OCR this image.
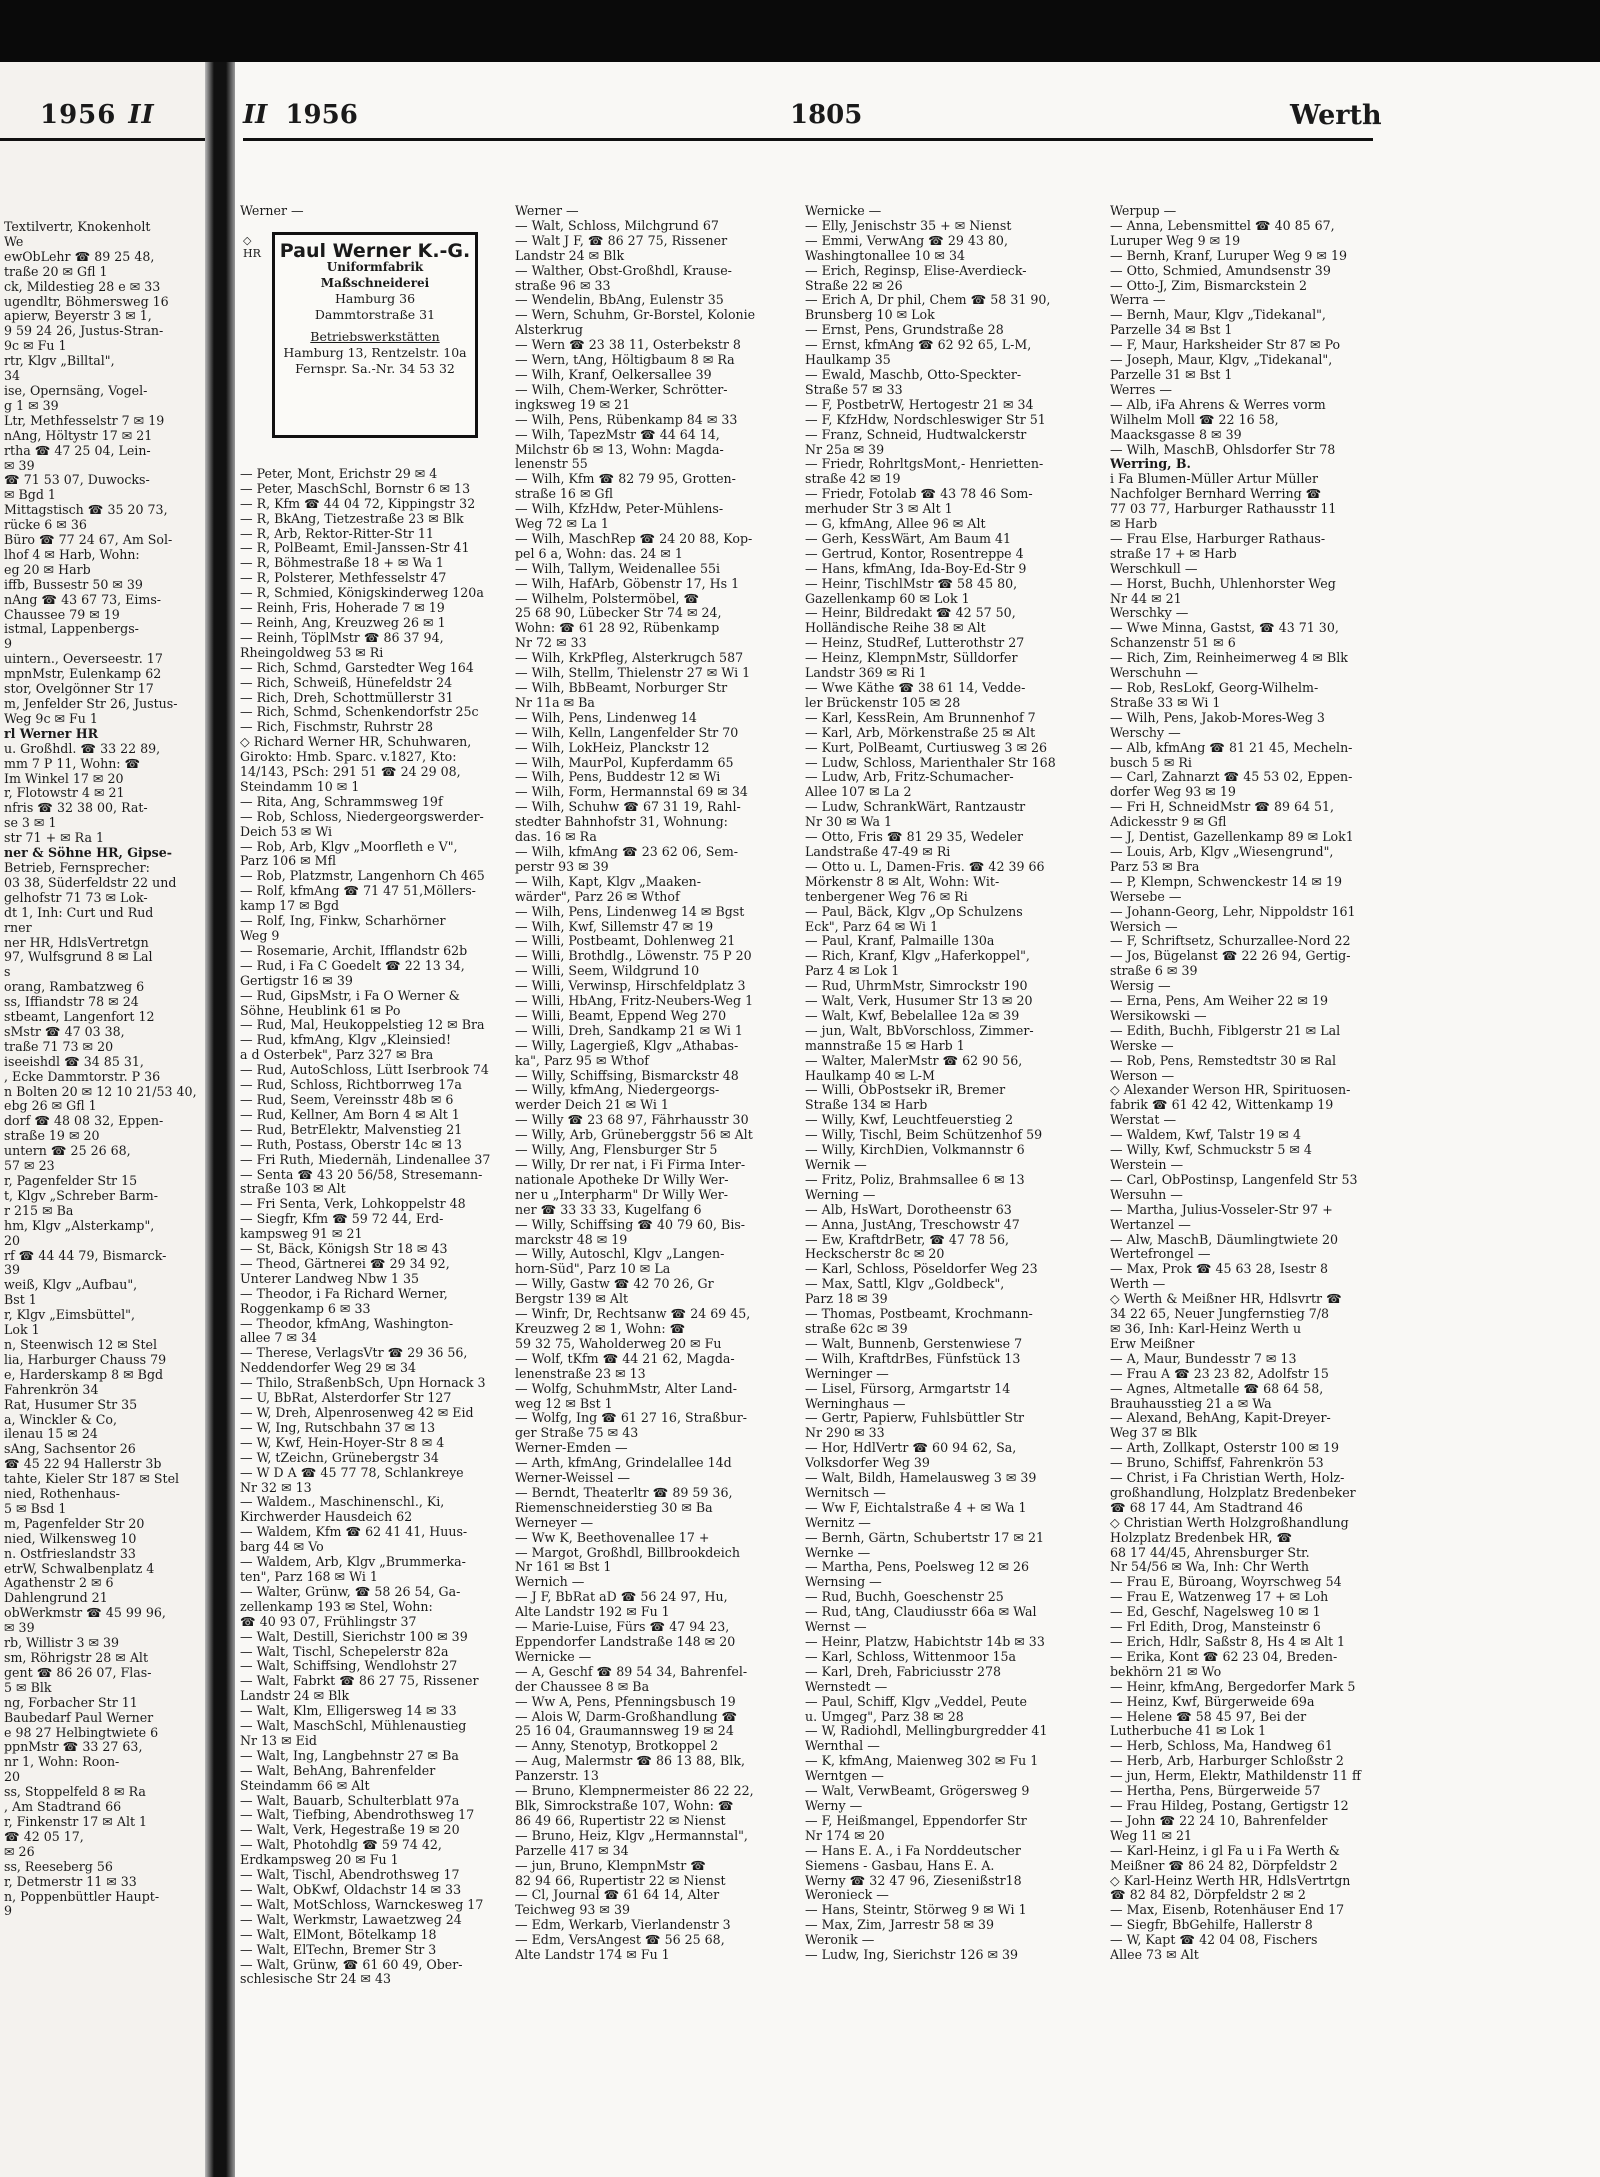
1956 II	II 1956	1805	Werth
Textilvertr, Knokenholt
We
ewObLehr ☎ 89 25 48,
traße 20 ✉ Gfl 1
ck, Mildestieg 28 e ✉ 33
ugendltr, Böhmersweg 16
apierw, Beyerstr 3 ✉ 1,
9 59 24 26, Justus-Stran-
9c ✉ Fu 1
rtr, Klgv „Billtal",
34
ise, Opernsäng, Vogel-
g 1 ✉ 39
Ltr, Methfesselstr 7 ✉ 19
nAng, Höltystr 17 ✉ 21
rtha ☎ 47 25 04, Lein-
✉ 39
☎ 71 53 07, Duwocks-
✉ Bgd 1
Mittagstisch ☎ 35 20 73,
rücke 6 ✉ 36
Büro ☎ 77 24 67, Am Sol-
lhof 4 ✉ Harb, Wohn:
eg 20 ✉ Harb
iffb, Bussestr 50 ✉ 39
nAng ☎ 43 67 73, Eims-
Chaussee 79 ✉ 19
istmal, Lappenbergs-
9
uintern., Oeverseestr. 17
mpnMstr, Eulenkamp 62
stor, Ovelgönner Str 17
m, Jenfelder Str 26, Justus-
Weg 9c ✉ Fu 1
rl Werner HR
u. Großhdl. ☎ 33 22 89,
mm 7 P 11, Wohn: ☎
Im Winkel 17 ✉ 20
r, Flotowstr 4 ✉ 21
nfris ☎ 32 38 00, Rat-
se 3 ✉ 1
str 71 + ✉ Ra 1
ner & Söhne HR, Gipse-
Betrieb, Fernsprecher:
03 38, Süderfeldstr 22 und
gelhofstr 71 73 ✉ Lok-
dt 1, Inh: Curt und Rud
rner
ner HR, HdlsVertretgn
97, Wulfsgrund 8 ✉ Lal
s
orang, Rambatzweg 6
ss, Iffiandstr 78 ✉ 24
stbeamt, Langenfort 12
sMstr ☎ 47 03 38,
traße 71 73 ✉ 20
iseeishdl ☎ 34 85 31,
, Ecke Dammtorstr. P 36
n Bolten 20 ✉ 12 10 21/53 40,
ebg 26 ✉ Gfl 1
dorf ☎ 48 08 32, Eppen-
straße 19 ✉ 20
untern ☎ 25 26 68,
57 ✉ 23
r, Pagenfelder Str 15
t, Klgv „Schreber Barm-
r 215 ✉ Ba
hm, Klgv „Alsterkamp",
20
rf ☎ 44 44 79, Bismarck-
39
weiß, Klgv „Aufbau",
Bst 1
r, Klgv „Eimsbüttel",
Lok 1
n, Steenwisch 12 ✉ Stel
lia, Harburger Chauss 79
e, Harderskamp 8 ✉ Bgd
Fahrenkrön 34
Rat, Husumer Str 35
a, Winckler & Co,
ilenau 15 ✉ 24
sAng, Sachsentor 26
☎ 45 22 94 Hallerstr 3b
tahte, Kieler Str 187 ✉ Stel
nied, Rothenhaus-
5 ✉ Bsd 1
m, Pagenfelder Str 20
nied, Wilkensweg 10
n. Ostfrieslandstr 33
etrW, Schwalbenplatz 4
Agathenstr 2 ✉ 6
Dahlengrund 21
obWerkmstr ☎ 45 99 96,
✉ 39
rb, Willistr 3 ✉ 39
sm, Röhrigstr 28 ✉ Alt
gent ☎ 86 26 07, Flas-
5 ✉ Blk
ng, Forbacher Str 11
Baubedarf Paul Werner
e 98 27 Helbingtwiete 6
ppnMstr ☎ 33 27 63,
nr 1, Wohn: Roon-
20
ss, Stoppelfeld 8 ✉ Ra
, Am Stadtrand 66
r, Finkenstr 17 ✉ Alt 1
☎ 42 05 17,
✉ 26
ss, Reeseberg 56
r, Detmerstr 11 ✉ 33
n, Poppenbüttler Haupt-
9
Werner —
— Peter, Mont, Erichstr 29 ✉ 4
— Peter, MaschSchl, Bornstr 6 ✉ 13
— R, Kfm ☎ 44 04 72, Kippingstr 32
— R, BkAng, Tietzestraße 23 ✉ Blk
— R, Arb, Rektor-Ritter-Str 11
— R, PolBeamt, Emil-Janssen-Str 41
— R, Böhmestraße 18 + ✉ Wa 1
— R, Polsterer, Methfesselstr 47
— R, Schmied, Königskinderweg 120a
— Reinh, Fris, Hoherade 7 ✉ 19
— Reinh, Ang, Kreuzweg 26 ✉ 1
— Reinh, TöplMstr ☎ 86 37 94,
Rheingoldweg 53 ✉ Ri
— Rich, Schmd, Garstedter Weg 164
— Rich, Schweiß, Hünefeldstr 24
— Rich, Dreh, Schottmüllerstr 31
— Rich, Schmd, Schenkendorfstr 25c
— Rich, Fischmstr, Ruhrstr 28
◇ Richard Werner HR, Schuhwaren,
Girokto: Hmb. Sparc. v.1827, Kto:
14/143, PSch: 291 51 ☎ 24 29 08,
Steindamm 10 ✉ 1
— Rita, Ang, Schrammsweg 19f
— Rob, Schloss, Niedergeorgswerder-
Deich 53 ✉ Wi
— Rob, Arb, Klgv „Moorfleth e V",
Parz 106 ✉ Mfl
— Rob, Platzmstr, Langenhorn Ch 465
— Rolf, kfmAng ☎ 71 47 51,Möllers-
kamp 17 ✉ Bgd
— Rolf, Ing, Finkw, Scharhörner
Weg 9
— Rosemarie, Archit, Ifflandstr 62b
— Rud, i Fa C Goedelt ☎ 22 13 34,
Gertigstr 16 ✉ 39
— Rud, GipsMstr, i Fa O Werner &
Söhne, Heublink 61 ✉ Po
— Rud, Mal, Heukoppelstieg 12 ✉ Bra
— Rud, kfmAng, Klgv „Kleinsied!
a d Osterbek", Parz 327 ✉ Bra
— Rud, AutoSchloss, Lütt Iserbrook 74
— Rud, Schloss, Richtborrweg 17a
— Rud, Seem, Vereinsstr 48b ✉ 6
— Rud, Kellner, Am Born 4 ✉ Alt 1
— Rud, BetrElektr, Malvenstieg 21
— Ruth, Postass, Oberstr 14c ✉ 13
— Fri Ruth, Miedernäh, Lindenallee 37
— Senta ☎ 43 20 56/58, Stresemann-
straße 103 ✉ Alt
— Fri Senta, Verk, Lohkoppelstr 48
— Siegfr, Kfm ☎ 59 72 44, Erd-
kampsweg 91 ✉ 21
— St, Bäck, Königsh Str 18 ✉ 43
— Theod, Gärtnerei ☎ 29 34 92,
Unterer Landweg Nbw 1 35
— Theodor, i Fa Richard Werner,
Roggenkamp 6 ✉ 33
— Theodor, kfmAng, Washington-
allee 7 ✉ 34
— Therese, VerlagsVtr ☎ 29 36 56,
Neddendorfer Weg 29 ✉ 34
— Thilo, StraßenbSch, Upn Hornack 3
— U, BbRat, Alsterdorfer Str 127
— W, Dreh, Alpenrosenweg 42 ✉ Eid
— W, Ing, Rutschbahn 37 ✉ 13
— W, Kwf, Hein-Hoyer-Str 8 ✉ 4
— W, tZeichn, Grünebergstr 34
— W D A ☎ 45 77 78, Schlankreye
Nr 32 ✉ 13
— Waldem., Maschinenschl., Ki,
Kirchwerder Hausdeich 62
— Waldem, Kfm ☎ 62 41 41, Huus-
barg 44 ✉ Vo
— Waldem, Arb, Klgv „Brummerka-
ten", Parz 168 ✉ Wi 1
— Walter, Grünw, ☎ 58 26 54, Ga-
zellenkamp 193 ✉ Stel, Wohn:
☎ 40 93 07, Frühlingstr 37
— Walt, Destill, Sierichstr 100 ✉ 39
— Walt, Tischl, Schepelerstr 82a
— Walt, Schiffsing, Wendlohstr 27
— Walt, Fabrkt ☎ 86 27 75, Rissener
Landstr 24 ✉ Blk
— Walt, Klm, Elligersweg 14 ✉ 33
— Walt, MaschSchl, Mühlenaustieg
Nr 13 ✉ Eid
— Walt, Ing, Langbehnstr 27 ✉ Ba
— Walt, BehAng, Bahrenfelder
Steindamm 66 ✉ Alt
— Walt, Bauarb, Schulterblatt 97a
— Walt, Tiefbing, Abendrothsweg 17
— Walt, Verk, Hegestraße 19 ✉ 20
— Walt, Photohdlg ☎ 59 74 42,
Erdkampsweg 20 ✉ Fu 1
— Walt, Tischl, Abendrothsweg 17
— Walt, ObKwf, Oldachstr 14 ✉ 33
— Walt, MotSchloss, Warnckesweg 17
— Walt, Werkmstr, Lawaetzweg 24
— Walt, ElMont, Bötelkamp 18
— Walt, ElTechn, Bremer Str 3
— Walt, Grünw, ☎ 61 60 49, Ober-
schlesische Str 24 ✉ 43
Werner —
— Walt, Schloss, Milchgrund 67
— Walt J F, ☎ 86 27 75, Rissener
Landstr 24 ✉ Blk
— Walther, Obst-Großhdl, Krause-
straße 96 ✉ 33
— Wendelin, BbAng, Eulenstr 35
— Wern, Schuhm, Gr-Borstel, Kolonie
Alsterkrug
— Wern ☎ 23 38 11, Osterbekstr 8
— Wern, tAng, Höltigbaum 8 ✉ Ra
— Wilh, Kranf, Oelkersallee 39
— Wilh, Chem-Werker, Schrötter-
ingksweg 19 ✉ 21
— Wilh, Pens, Rübenkamp 84 ✉ 33
— Wilh, TapezMstr ☎ 44 64 14,
Milchstr 6b ✉ 13, Wohn: Magda-
lenenstr 55
— Wilh, Kfm ☎ 82 79 95, Grotten-
straße 16 ✉ Gfl
— Wilh, KfzHdw, Peter-Mühlens-
Weg 72 ✉ La 1
— Wilh, MaschRep ☎ 24 20 88, Kop-
pel 6 a, Wohn: das. 24 ✉ 1
— Wilh, Tallym, Weidenallee 55i
— Wilh, HafArb, Göbenstr 17, Hs 1
— Wilhelm, Polstermöbel, ☎
25 68 90, Lübecker Str 74 ✉ 24,
Wohn: ☎ 61 28 92, Rübenkamp
Nr 72 ✉ 33
— Wilh, KrkPfleg, Alsterkrugch 587
— Wilh, Stellm, Thielenstr 27 ✉ Wi 1
— Wilh, BbBeamt, Norburger Str
Nr 11a ✉ Ba
— Wilh, Pens, Lindenweg 14
— Wilh, Kelln, Langenfelder Str 70
— Wilh, LokHeiz, Planckstr 12
— Wilh, MaurPol, Kupferdamm 65
— Wilh, Pens, Buddestr 12 ✉ Wi
— Wilh, Form, Hermannstal 69 ✉ 34
— Wilh, Schuhw ☎ 67 31 19, Rahl-
stedter Bahnhofstr 31, Wohnung:
das. 16 ✉ Ra
— Wilh, kfmAng ☎ 23 62 06, Sem-
perstr 93 ✉ 39
— Wilh, Kapt, Klgv „Maaken-
wärder", Parz 26 ✉ Wthof
— Wilh, Pens, Lindenweg 14 ✉ Bgst
— Wilh, Kwf, Sillemstr 47 ✉ 19
— Willi, Postbeamt, Dohlenweg 21
— Willi, Brothdlg., Löwenstr. 75 P 20
— Willi, Seem, Wildgrund 10
— Willi, Verwinsp, Hirschfeldplatz 3
— Willi, HbAng, Fritz-Neubers-Weg 1
— Willi, Beamt, Eppend Weg 270
— Willi, Dreh, Sandkamp 21 ✉ Wi 1
— Willy, Lagergieß, Klgv „Athabas-
ka", Parz 95 ✉ Wthof
— Willy, Schiffsing, Bismarckstr 48
— Willy, kfmAng, Niedergeorgs-
werder Deich 21 ✉ Wi 1
— Willy ☎ 23 68 97, Fährhausstr 30
— Willy, Arb, Grüneberggstr 56 ✉ Alt
— Willy, Ang, Flensburger Str 5
— Willy, Dr rer nat, i Fi Firma Inter-
nationale Apotheke Dr Willy Wer-
ner u „Interpharm" Dr Willy Wer-
ner ☎ 33 33 33, Kugelfang 6
— Willy, Schiffsing ☎ 40 79 60, Bis-
marckstr 48 ✉ 19
— Willy, Autoschl, Klgv „Langen-
horn-Süd", Parz 10 ✉ La
— Willy, Gastw ☎ 42 70 26, Gr
Bergstr 139 ✉ Alt
— Winfr, Dr, Rechtsanw ☎ 24 69 45,
Kreuzweg 2 ✉ 1, Wohn: ☎
59 32 75, Waholderweg 20 ✉ Fu
— Wolf, tKfm ☎ 44 21 62, Magda-
lenenstraße 23 ✉ 13
— Wolfg, SchuhmMstr, Alter Land-
weg 12 ✉ Bst 1
— Wolfg, Ing ☎ 61 27 16, Straßbur-
ger Straße 75 ✉ 43
Werner-Emden —
— Arth, kfmAng, Grindelallee 14d
Werner-Weissel —
— Berndt, Theaterltr ☎ 89 59 36,
Riemenschneiderstieg 30 ✉ Ba
Werneyer —
— Ww K, Beethovenallee 17 +
— Margot, Großhdl, Billbrookdeich
Nr 161 ✉ Bst 1
Wernich —
— J F, BbRat aD ☎ 56 24 97, Hu,
Alte Landstr 192 ✉ Fu 1
— Marie-Luise, Fürs ☎ 47 94 23,
Eppendorfer Landstraße 148 ✉ 20
Wernicke —
— A, Geschf ☎ 89 54 34, Bahrenfel-
der Chaussee 8 ✉ Ba
— Ww A, Pens, Pfenningsbusch 19
— Alois W, Darm-Großhandlung ☎
25 16 04, Graumannsweg 19 ✉ 24
— Anny, Stenotyp, Brotkoppel 2
— Aug, Malermstr ☎ 86 13 88, Blk,
Panzerstr. 13
— Bruno, Klempnermeister 86 22 22,
Blk, Simrockstraße 107, Wohn: ☎
86 49 66, Rupertistr 22 ✉ Nienst
— Bruno, Heiz, Klgv „Hermannstal",
Parzelle 417 ✉ 34
— jun, Bruno, KlempnMstr ☎
82 94 66, Rupertistr 22 ✉ Nienst
— Cl, Journal ☎ 61 64 14, Alter
Teichweg 93 ✉ 39
— Edm, Werkarb, Vierlandenstr 3
— Edm, VersAngest ☎ 56 25 68,
Alte Landstr 174 ✉ Fu 1
Wernicke —
— Elly, Jenischstr 35 + ✉ Nienst
— Emmi, VerwAng ☎ 29 43 80,
Washingtonallee 10 ✉ 34
— Erich, Reginsp, Elise-Averdieck-
Straße 22 ✉ 26
— Erich A, Dr phil, Chem ☎ 58 31 90,
Brunsberg 10 ✉ Lok
— Ernst, Pens, Grundstraße 28
— Ernst, kfmAng ☎ 62 92 65, L-M,
Haulkamp 35
— Ewald, Maschb, Otto-Speckter-
Straße 57 ✉ 33
— F, PostbetrW, Hertogestr 21 ✉ 34
— F, KfzHdw, Nordschleswiger Str 51
— Franz, Schneid, Hudtwalckerstr
Nr 25a ✉ 39
— Friedr, RohrltgsMont,- Henrietten-
straße 42 ✉ 19
— Friedr, Fotolab ☎ 43 78 46 Som-
merhuder Str 3 ✉ Alt 1
— G, kfmAng, Allee 96 ✉ Alt
— Gerh, KessWärt, Am Baum 41
— Gertrud, Kontor, Rosentreppe 4
— Hans, kfmAng, Ida-Boy-Ed-Str 9
— Heinr, TischlMstr ☎ 58 45 80,
Gazellenkamp 60 ✉ Lok 1
— Heinr, Bildredakt ☎ 42 57 50,
Holländische Reihe 38 ✉ Alt
— Heinz, StudRef, Lutterothstr 27
— Heinz, KlempnMstr, Sülldorfer
Landstr 369 ✉ Ri 1
— Wwe Käthe ☎ 38 61 14, Vedde-
ler Brückenstr 105 ✉ 28
— Karl, KessRein, Am Brunnenhof 7
— Karl, Arb, Mörkenstraße 25 ✉ Alt
— Kurt, PolBeamt, Curtiusweg 3 ✉ 26
— Ludw, Schloss, Marienthaler Str 168
— Ludw, Arb, Fritz-Schumacher-
Allee 107 ✉ La 2
— Ludw, SchrankWärt, Rantzaustr
Nr 30 ✉ Wa 1
— Otto, Fris ☎ 81 29 35, Wedeler
Landstraße 47-49 ✉ Ri
— Otto u. L, Damen-Fris. ☎ 42 39 66
Mörkenstr 8 ✉ Alt, Wohn: Wit-
tenbergener Weg 76 ✉ Ri
— Paul, Bäck, Klgv „Op Schulzens
Eck", Parz 64 ✉ Wi 1
— Paul, Kranf, Palmaille 130a
— Rich, Kranf, Klgv „Haferkoppel",
Parz 4 ✉ Lok 1
— Rud, UhrmMstr, Simrockstr 190
— Walt, Verk, Husumer Str 13 ✉ 20
— Walt, Kwf, Bebelallee 12a ✉ 39
— jun, Walt, BbVorschloss, Zimmer-
mannstraße 15 ✉ Harb 1
— Walter, MalerMstr ☎ 62 90 56,
Haulkamp 40 ✉ L-M
— Willi, ObPostsekr iR, Bremer
Straße 134 ✉ Harb
— Willy, Kwf, Leuchtfeuerstieg 2
— Willy, Tischl, Beim Schützenhof 59
— Willy, KirchDien, Volkmannstr 6
Wernik —
— Fritz, Poliz, Brahmsallee 6 ✉ 13
Werning —
— Alb, HsWart, Dorotheenstr 63
— Anna, JustAng, Treschowstr 47
— Ew, KraftdrBetr, ☎ 47 78 56,
Heckscherstr 8c ✉ 20
— Karl, Schloss, Pöseldorfer Weg 23
— Max, Sattl, Klgv „Goldbeck",
Parz 18 ✉ 39
— Thomas, Postbeamt, Krochmann-
straße 62c ✉ 39
— Walt, Bunnenb, Gerstenwiese 7
— Wilh, KraftdrBes, Fünfstück 13
Werninger —
— Lisel, Fürsorg, Armgartstr 14
Werninghaus —
— Gertr, Papierw, Fuhlsbüttler Str
Nr 290 ✉ 33
— Hor, HdlVertr ☎ 60 94 62, Sa,
Volksdorfer Weg 39
— Walt, Bildh, Hamelausweg 3 ✉ 39
Wernitsch —
— Ww F, Eichtalstraße 4 + ✉ Wa 1
Wernitz —
— Bernh, Gärtn, Schubertstr 17 ✉ 21
Wernke —
— Martha, Pens, Poelsweg 12 ✉ 26
Wernsing —
— Rud, Buchh, Goeschenstr 25
— Rud, tAng, Claudiusstr 66a ✉ Wal
Wernst —
— Heinr, Platzw, Habichtstr 14b ✉ 33
— Karl, Schloss, Wittenmoor 15a
— Karl, Dreh, Fabriciusstr 278
Wernstedt —
— Paul, Schiff, Klgv „Veddel, Peute
u. Umgeg", Parz 38 ✉ 28
— W, Radiohdl, Mellingburgredder 41
Wernthal —
— K, kfmAng, Maienweg 302 ✉ Fu 1
Werntgen —
— Walt, VerwBeamt, Grögersweg 9
Werny —
— F, Heißmangel, Eppendorfer Str
Nr 174 ✉ 20
— Hans E. A., i Fa Norddeutscher
Siemens - Gasbau, Hans E. A.
Werny ☎ 32 47 96, Ziesenißstr18
Weronieck —
— Hans, Steintr, Störweg 9 ✉ Wi 1
— Max, Zim, Jarrestr 58 ✉ 39
Weronik —
— Ludw, Ing, Sierichstr 126 ✉ 39
Werpup —
— Anna, Lebensmittel ☎ 40 85 67,
Luruper Weg 9 ✉ 19
— Bernh, Kranf, Luruper Weg 9 ✉ 19
— Otto, Schmied, Amundsenstr 39
— Otto-J, Zim, Bismarckstein 2
Werra —
— Bernh, Maur, Klgv „Tidekanal",
Parzelle 34 ✉ Bst 1
— F, Maur, Harksheider Str 87 ✉ Po
— Joseph, Maur, Klgv, „Tidekanal",
Parzelle 31 ✉ Bst 1
Werres —
— Alb, iFa Ahrens & Werres vorm
Wilhelm Moll ☎ 22 16 58,
Maacksgasse 8 ✉ 39
— Wilh, MaschB, Ohlsdorfer Str 78
Werring, B.
i Fa Blumen-Müller Artur Müller
Nachfolger Bernhard Werring ☎
77 03 77, Harburger Rathausstr 11
✉ Harb
— Frau Else, Harburger Rathaus-
straße 17 + ✉ Harb
Werschkull —
— Horst, Buchh, Uhlenhorster Weg
Nr 44 ✉ 21
Werschky —
— Wwe Minna, Gastst, ☎ 43 71 30,
Schanzenstr 51 ✉ 6
— Rich, Zim, Reinheimerweg 4 ✉ Blk
Werschuhn —
— Rob, ResLokf, Georg-Wilhelm-
Straße 33 ✉ Wi 1
— Wilh, Pens, Jakob-Mores-Weg 3
Werschy —
— Alb, kfmAng ☎ 81 21 45, Mecheln-
busch 5 ✉ Ri
— Carl, Zahnarzt ☎ 45 53 02, Eppen-
dorfer Weg 93 ✉ 19
— Fri H, SchneidMstr ☎ 89 64 51,
Adickesstr 9 ✉ Gfl
— J, Dentist, Gazellenkamp 89 ✉ Lok1
— Louis, Arb, Klgv „Wiesengrund",
Parz 53 ✉ Bra
— P, Klempn, Schwenckestr 14 ✉ 19
Wersebe —
— Johann-Georg, Lehr, Nippoldstr 161
Wersich —
— F, Schriftsetz, Schurzallee-Nord 22
— Jos, Bügelanst ☎ 22 26 94, Gertig-
straße 6 ✉ 39
Wersig —
— Erna, Pens, Am Weiher 22 ✉ 19
Wersikowski —
— Edith, Buchh, Fiblgerstr 21 ✉ Lal
Werske —
— Rob, Pens, Remstedtstr 30 ✉ Ral
Werson —
◇ Alexander Werson HR, Spirituosen-
fabrik ☎ 61 42 42, Wittenkamp 19
Werstat —
— Waldem, Kwf, Talstr 19 ✉ 4
— Willy, Kwf, Schmuckstr 5 ✉ 4
Werstein —
— Carl, ObPostinsp, Langenfeld Str 53
Wersuhn —
— Martha, Julius-Vosseler-Str 97 +
Wertanzel —
— Alw, MaschB, Däumlingtwiete 20
Wertefrongel —
— Max, Prok ☎ 45 63 28, Isestr 8
Werth —
◇ Werth & Meißner HR, Hdlsvrtr ☎
34 22 65, Neuer Jungfernstieg 7/8
✉ 36, Inh: Karl-Heinz Werth u
Erw Meißner
— A, Maur, Bundesstr 7 ✉ 13
— Frau A ☎ 23 23 82, Adolfstr 15
— Agnes, Altmetalle ☎ 68 64 58,
Brauhausstieg 21 a ✉ Wa
— Alexand, BehAng, Kapit-Dreyer-
Weg 37 ✉ Blk
— Arth, Zollkapt, Osterstr 100 ✉ 19
— Bruno, Schiffsf, Fahrenkrön 53
— Christ, i Fa Christian Werth, Holz-
großhandlung, Holzplatz Bredenbeker
☎ 68 17 44, Am Stadtrand 46
◇ Christian Werth Holzgroßhandlung
Holzplatz Bredenbek HR, ☎
68 17 44/45, Ahrensburger Str.
Nr 54/56 ✉ Wa, Inh: Chr Werth
— Frau E, Büroang, Woyrschweg 54
— Frau E, Watzenweg 17 + ✉ Loh
— Ed, Geschf, Nagelsweg 10 ✉ 1
— Frl Edith, Drog, Mansteinstr 6
— Erich, Hdlr, Saßstr 8, Hs 4 ✉ Alt 1
— Erika, Kont ☎ 62 23 04, Breden-
bekhörn 21 ✉ Wo
— Heinr, kfmAng, Bergedorfer Mark 5
— Heinz, Kwf, Bürgerweide 69a
— Helene ☎ 58 45 97, Bei der
Lutherbuche 41 ✉ Lok 1
— Herb, Schloss, Ma, Handweg 61
— Herb, Arb, Harburger Schloßstr 2
— jun, Herm, Elektr, Mathildenstr 11 ff
— Hertha, Pens, Bürgerweide 57
— Frau Hildeg, Postang, Gertigstr 12
— John ☎ 22 24 10, Bahrenfelder
Weg 11 ✉ 21
— Karl-Heinz, i gl Fa u i Fa Werth &
Meißner ☎ 86 24 82, Dörpfeldstr 2
◇ Karl-Heinz Werth HR, HdlsVertrtgn
☎ 82 84 82, Dörpfeldstr 2 ✉ 2
— Max, Eisenb, Rotenhäuser End 17
— Siegfr, BbGehilfe, Hallerstr 8
— W, Kapt ☎ 42 04 08, Fischers
Allee 73 ✉ Alt
◇
HR Paul Werner K.-G.
Uniformfabrik
Maßschneiderei
Hamburg 36
Dammtorstraße 31
Betriebswerkstätten
Hamburg 13, Rentzelstr. 10a
Fernspr. Sa.-Nr. 34 53 32
